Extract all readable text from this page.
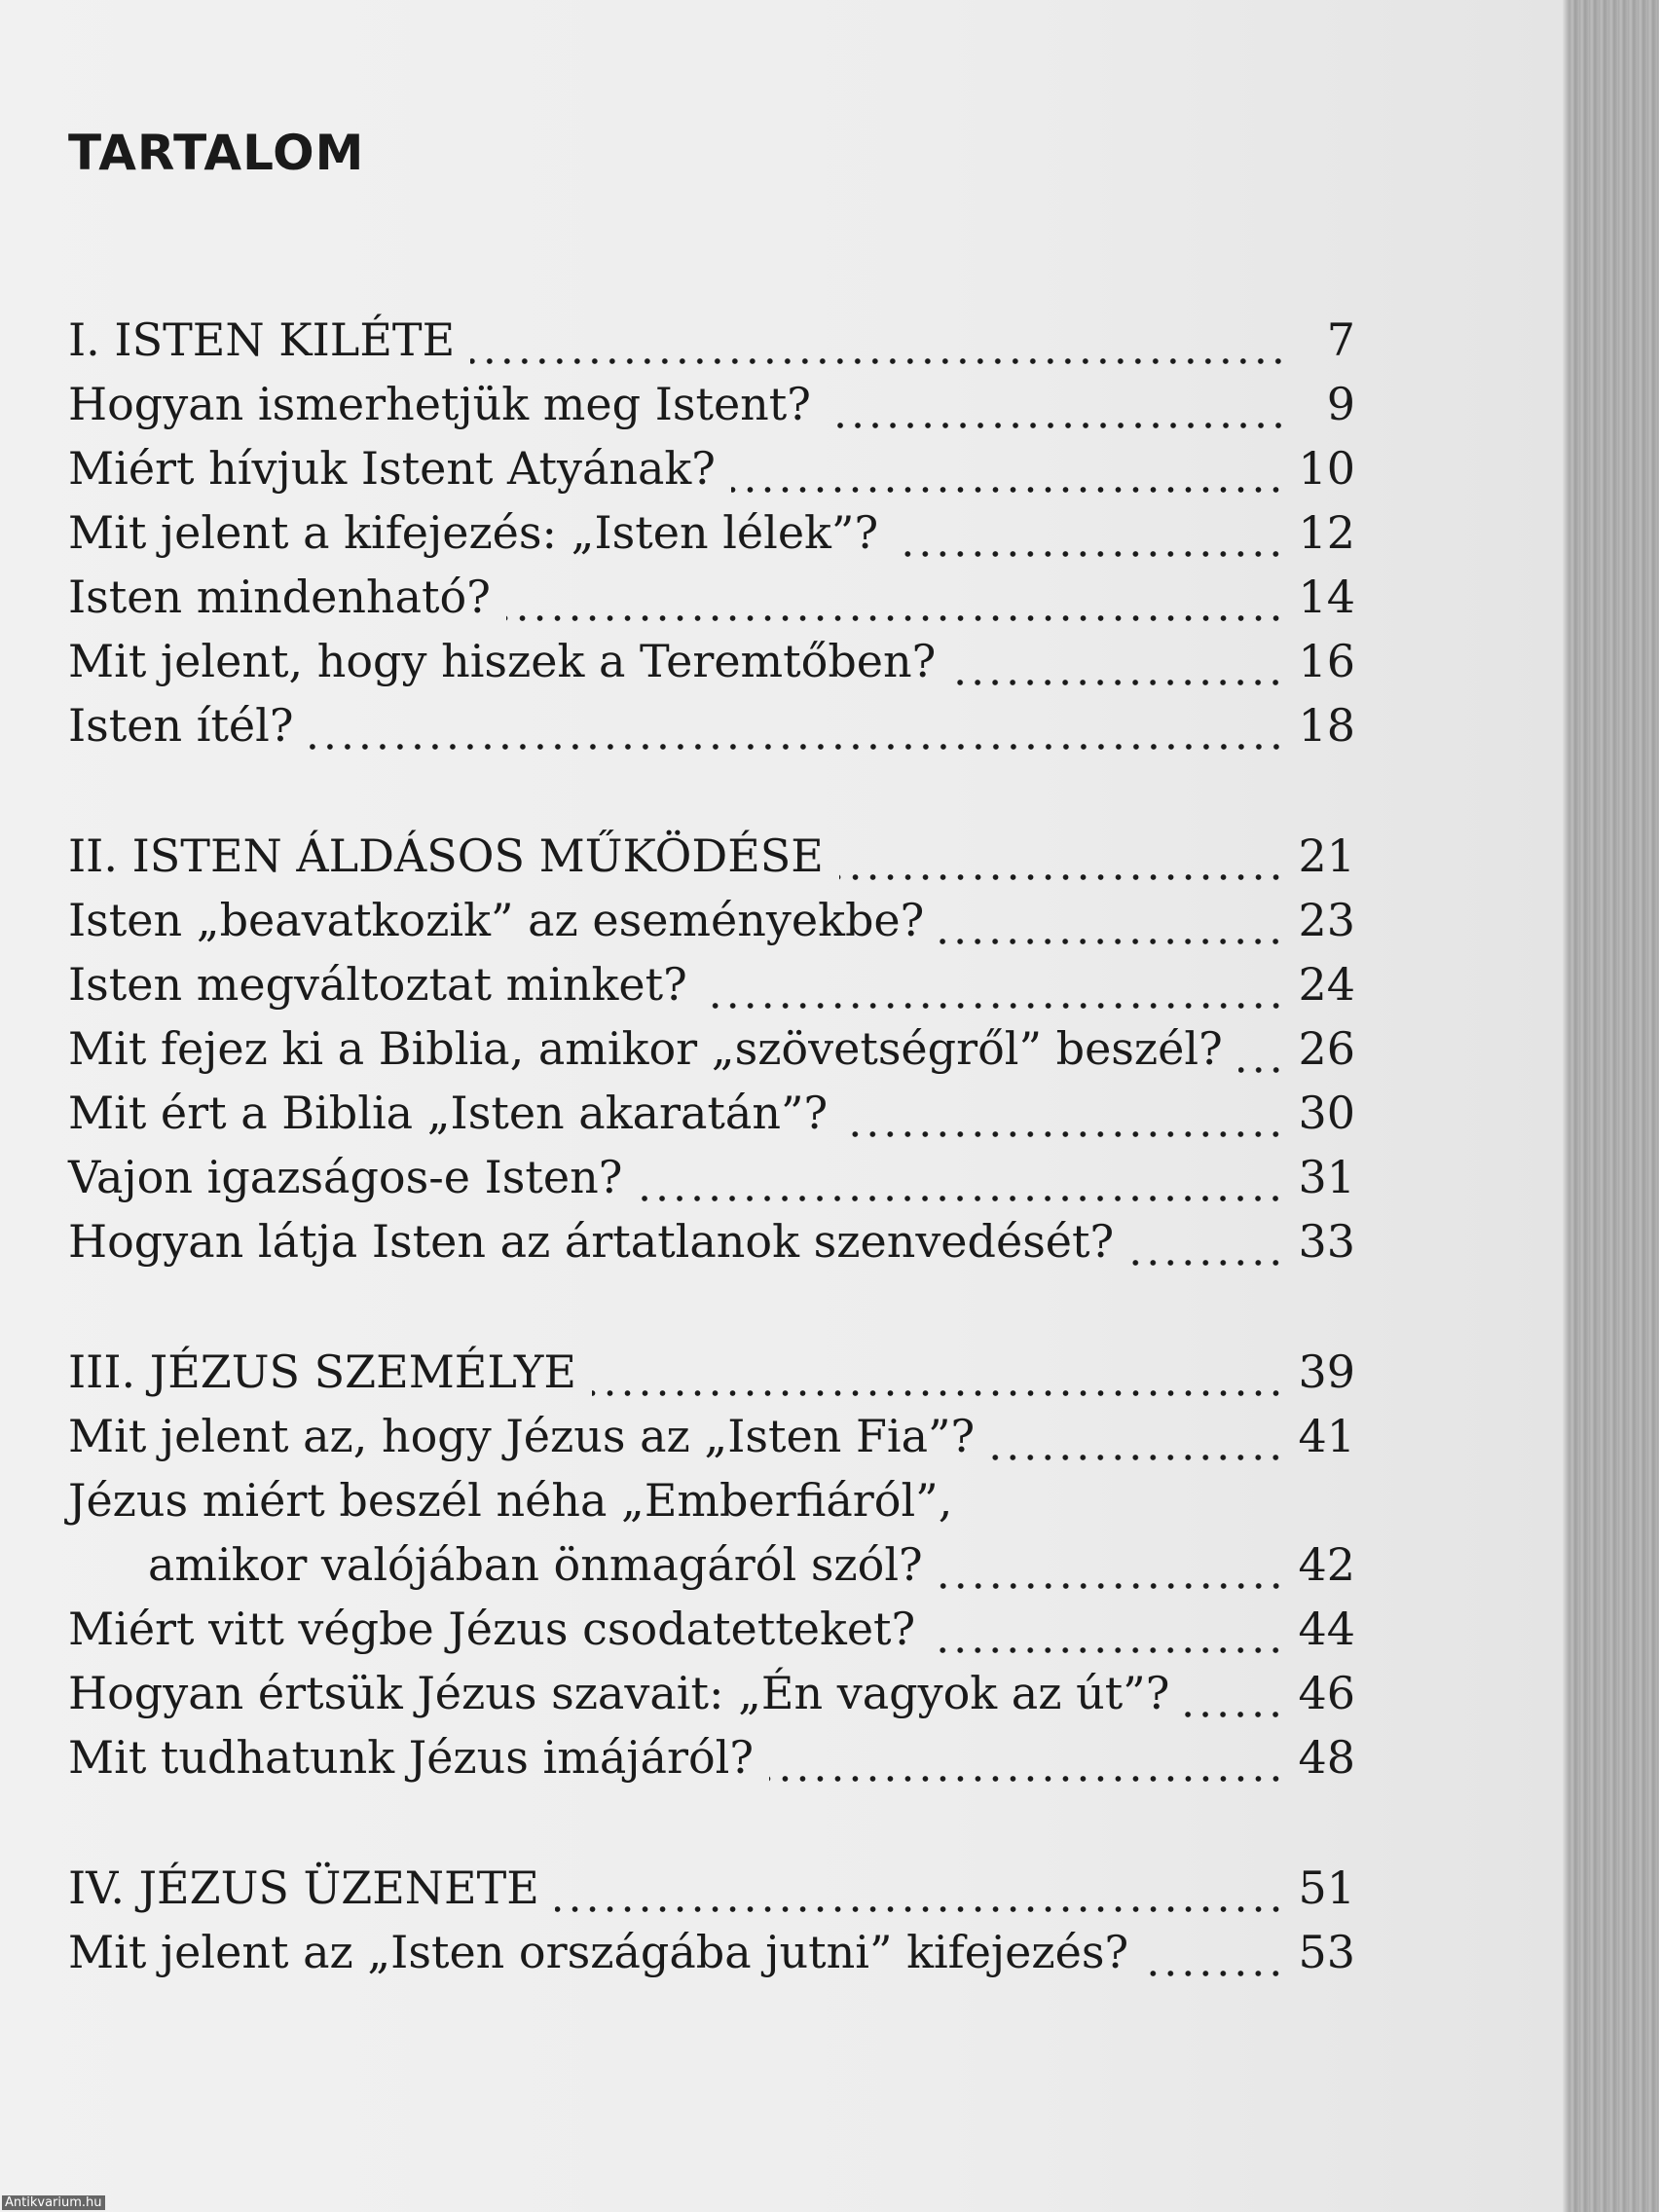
TARTALOM
I. ISTEN KILÉTE	7
Hogyan ismerhetjük meg Istent?	9
Miért hívjuk Istent Atyának?	10
Mit jelent a kifejezés: „Isten lélek”?	12
Isten mindenható?	14
Mit jelent, hogy hiszek a Teremtőben?	16
Isten ítél?	18
II. ISTEN ÁLDÁSOS MŰKÖDÉSE	21
Isten „beavatkozik” az eseményekbe?	23
Isten megváltoztat minket?	24
Mit fejez ki a Biblia, amikor „szövetségről” beszél? 26
Mit ért a Biblia „Isten akaratán”?	30
Vajon igazságos-e Isten?	31
Hogyan látja Isten az ártatlanok szenvedését?	33
III. JÉZUS SZEMÉLYE	39
Mit jelent az, hogy Jézus az „Isten Fia”?	41
Jézus miért beszél néha „Emberfiáról”,
amikor valójában önmagáról szól?	42
Miért vitt végbe Jézus csodatetteket?	44
Hogyan értsük Jézus szavait: „Én vagyok az út”?	46
Mit tudhatunk Jézus imájáról?	48
IV. JÉZUS ÜZENETE	51
Mit jelent az „Isten országába jutni” kifejezés?	53
Antikvarium.hu
